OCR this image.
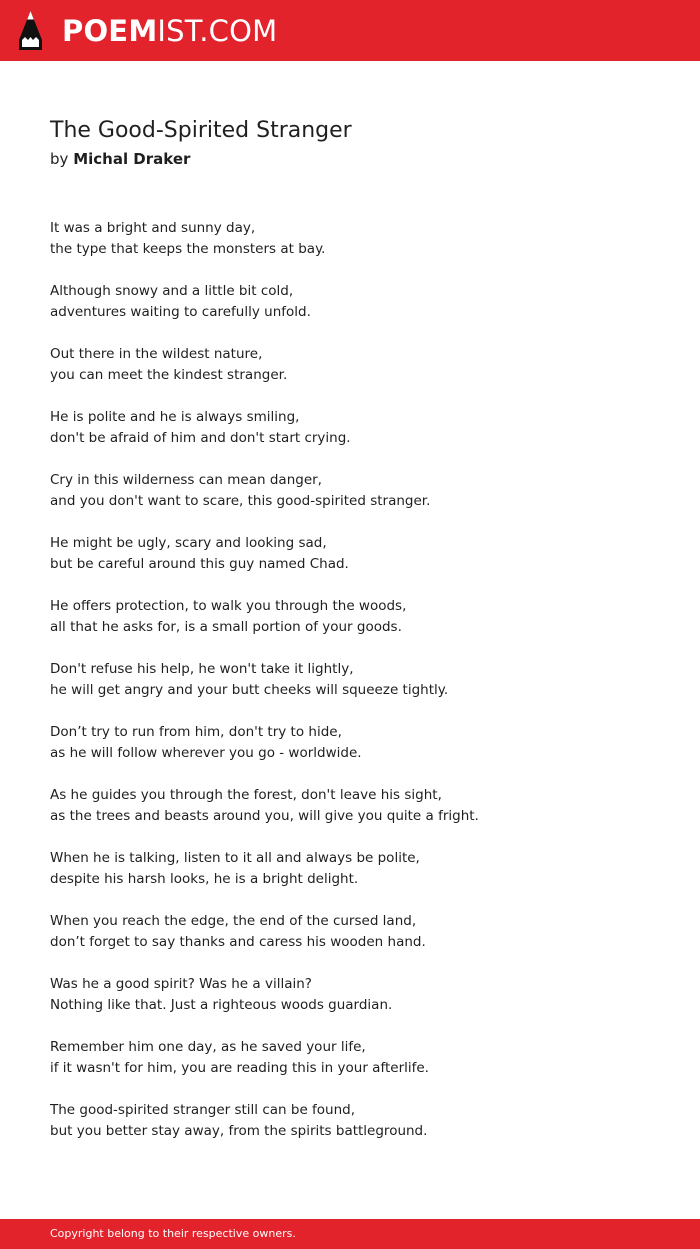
POEMIST.COM
The Good-Spirited Stranger
by Michal Draker
It was a bright and sunny day,
the type that keeps the monsters at bay.
Although snowy and a little bit cold,
adventures waiting to carefully unfold.
Out there in the wildest nature,
you can meet the kindest stranger.
He is polite and he is always smiling,
don't be afraid of him and don't start crying.
Cry in this wilderness can mean danger,
and you don't want to scare, this good-spirited stranger.
He might be ugly, scary and looking sad,
but be careful around this guy named Chad.
He offers protection, to walk you through the woods,
all that he asks for, is a small portion of your goods.
Don't refuse his help, he won't take it lightly,
he will get angry and your butt cheeks will squeeze tightly.
Don’t try to run from him, don't try to hide,
as he will follow wherever you go - worldwide.
As he guides you through the forest, don't leave his sight,
as the trees and beasts around you, will give you quite a fright.
When he is talking, listen to it all and always be polite,
despite his harsh looks, he is a bright delight.
When you reach the edge, the end of the cursed land,
don’t forget to say thanks and caress his wooden hand.
Was he a good spirit? Was he a villain?
Nothing like that. Just a righteous woods guardian.
Remember him one day, as he saved your life,
if it wasn't for him, you are reading this in your afterlife.
The good-spirited stranger still can be found,
but you better stay away, from the spirits battleground.
Copyright belong to their respective owners.
